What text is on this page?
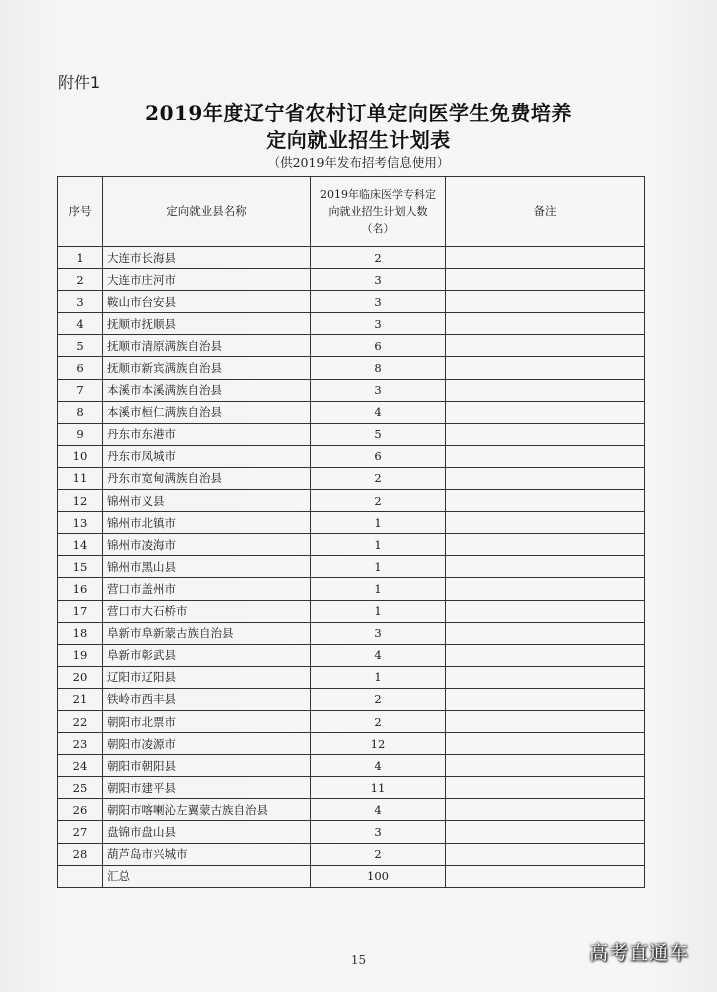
附件1
2019年度辽宁省农村订单定向医学生免费培养
定向就业招生计划表
（供2019年发布招考信息使用）
序号	定向就业县名称	2019年临床医学专科定向就业招生计划人数（名）	备注
1	大连市长海县	2	
2	大连市庄河市	3	
3	鞍山市台安县	3	
4	抚顺市抚顺县	3	
5	抚顺市清原满族自治县	6	
6	抚顺市新宾满族自治县	8	
7	本溪市本溪满族自治县	3	
8	本溪市桓仁满族自治县	4	
9	丹东市东港市	5	
10	丹东市凤城市	6	
11	丹东市宽甸满族自治县	2	
12	锦州市义县	2	
13	锦州市北镇市	1	
14	锦州市凌海市	1	
15	锦州市黑山县	1	
16	营口市盖州市	1	
17	营口市大石桥市	1	
18	阜新市阜新蒙古族自治县	3	
19	阜新市彰武县	4	
20	辽阳市辽阳县	1	
21	铁岭市西丰县	2	
22	朝阳市北票市	2	
23	朝阳市凌源市	12	
24	朝阳市朝阳县	4	
25	朝阳市建平县	11	
26	朝阳市喀喇沁左翼蒙古族自治县	4	
27	盘锦市盘山县	3	
28	葫芦岛市兴城市	2	
	汇总	100	
15	高考直通车
